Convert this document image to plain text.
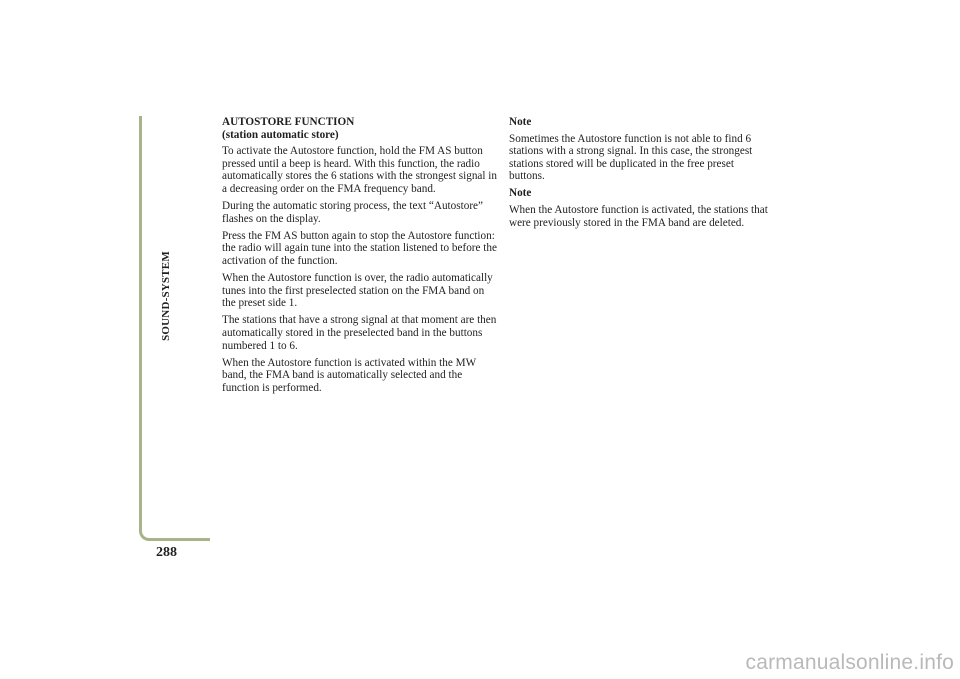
SOUND-SYSTEM
288
AUTOSTORE FUNCTION
(station automatic store)

To activate the Autostore function, hold the FM AS button pressed until a beep is heard. With this function, the radio automatically stores the 6 stations with the strongest signal in a decreasing order on the FMA frequency band.

During the automatic storing process, the text “Autostore” flashes on the display.

Press the FM AS button again to stop the Autostore function: the radio will again tune into the station listened to before the activation of the function.

When the Autostore function is over, the radio automatically tunes into the first preselected station on the FMA band on the preset side 1.

The stations that have a strong signal at that moment are then automatically stored in the preselected band in the buttons numbered 1 to 6.

When the Autostore function is activated within the MW band, the FMA band is automatically selected and the function is performed.

Note

Sometimes the Autostore function is not able to find 6 stations with a strong signal. In this case, the strongest stations stored will be duplicated in the free preset buttons.

Note

When the Autostore function is activated, the stations that were previously stored in the FMA band are deleted.

carmanualsonline.info
